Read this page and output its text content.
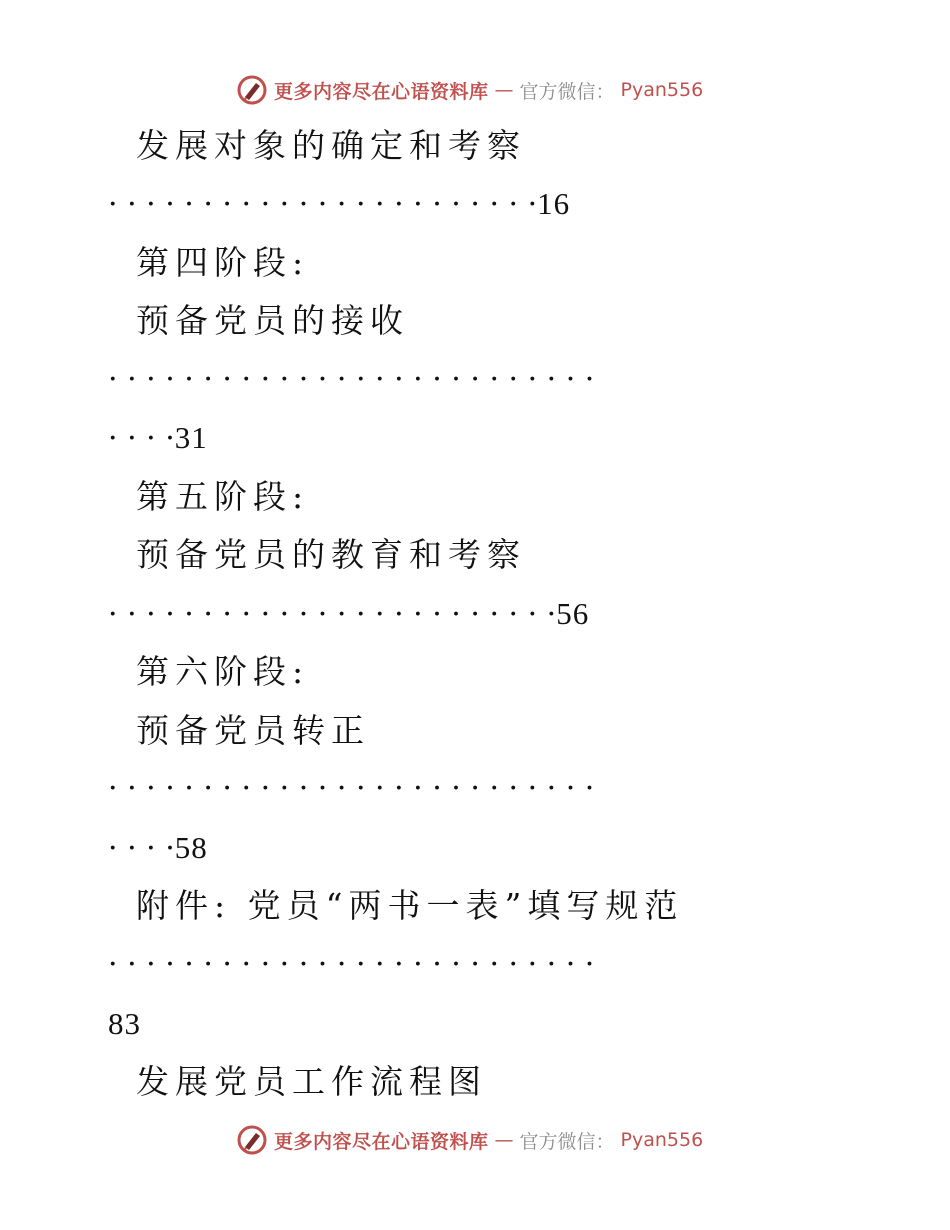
更多内容尽在心语资料库 — 官方微信： Pyan556
发展对象的确定和考察
· · · · · · · · · · · · · · · · · · · · · · ·16
第四阶段:
预备党员的接收
· · · · · · · · · · · · · · · · · · · · · · · · · ·
· · · ·31
第五阶段:
预备党员的教育和考察
· · · · · · · · · · · · · · · · · · · · · · · ·56
第六阶段:
预备党员转正
· · · · · · · · · · · · · · · · · · · · · · · · · ·
· · · ·58
附件: 党员“两书一表”填写规范
· · · · · · · · · · · · · · · · · · · · · · · · · ·
83
发展党员工作流程图
更多内容尽在心语资料库 — 官方微信： Pyan556
